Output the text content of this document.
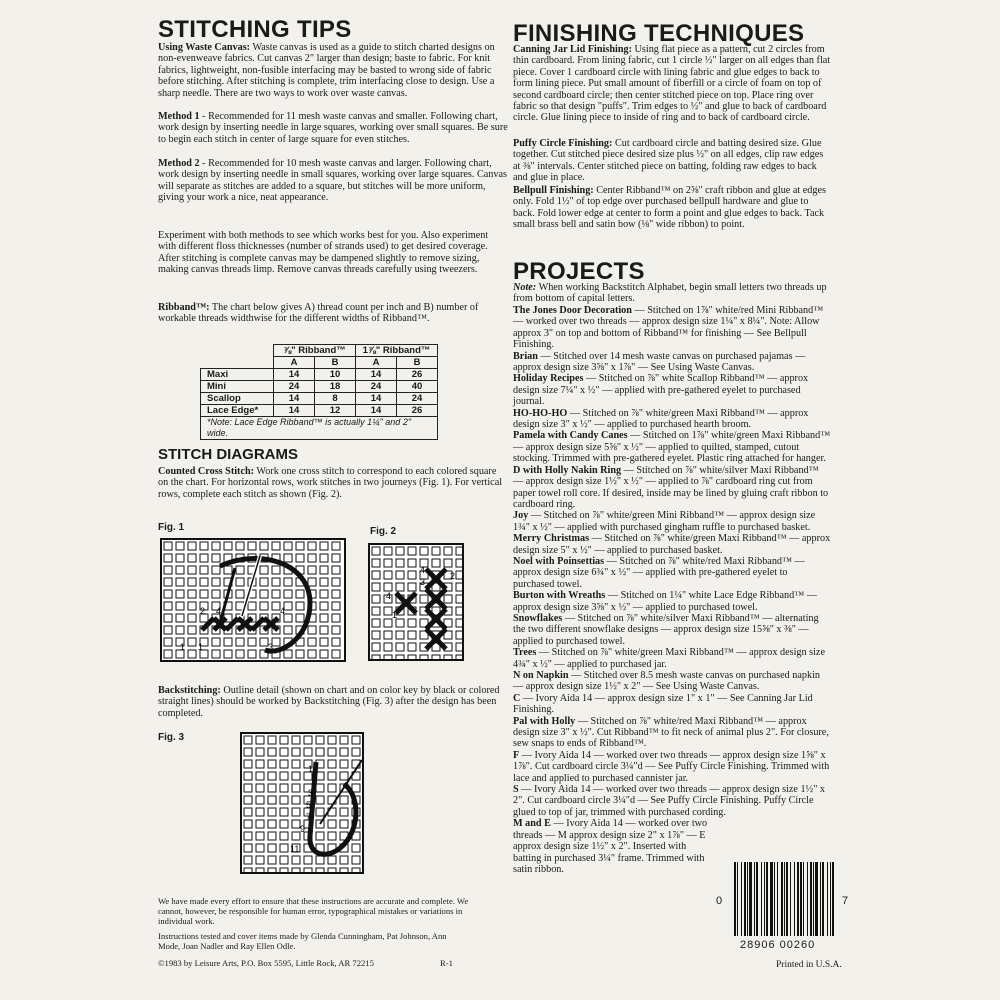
STITCHING TIPS

Using Waste Canvas: Waste canvas is used as a guide to stitch charted designs on non-evenweave fabrics. Cut canvas 2" larger than design; baste to fabric. For knit fabrics, lightweight, non-fusible interfacing may be basted to wrong side of fabric before stitching. After stitching is complete, trim interfacing close to design. Use a sharp needle. There are two ways to work over waste canvas.

Method 1 - Recommended for 11 mesh waste canvas and smaller. Following chart, work design by inserting needle in large squares, working over small squares. Be sure to begin each stitch in center of large square for even stitches.

Method 2 - Recommended for 10 mesh waste canvas and larger. Following chart, work design by inserting needle in small squares, working over large squares. Canvas will separate as stitches are added to a square, but stitches will be more uniform, giving your work a nice, neat appearance.

Experiment with both methods to see which works best for you. Also experiment with different floss thicknesses (number of strands used) to get desired coverage. After stitching is complete canvas may be dampened slightly to remove sizing, making canvas threads limp. Remove canvas threads carefully using tweezers.

Ribband™: The chart below gives A) thread count per inch and B) number of workable threads widthwise for the different widths of Ribband™.

	⅞" Ribband™		1⅞" Ribband™	
	A	B	A	B
Maxi	14	10	14	26
Mini	24	18	24	40
Scallop	14	8	14	24
Lace Edge*	14	12	14	26
*Note: Lace Edge Ribband™ is actually 1¼" and 2" wide.				
STITCH DIAGRAMS

Counted Cross Stitch: Work one cross stitch to correspond to each colored square on the chart. For horizontal rows, work stitches in two journeys (Fig. 1). For vertical rows, complete each stitch as shown (Fig. 2).

Fig. 1	Fig. 2
2 4	4
1 1	3
4
1
4
3
2

Backstitching: Outline detail (shown on chart and on color key by black or colored straight lines) should be worked by Backstitching (Fig. 3) after the design has been completed.

Fig. 3
1
3
5
7
9
11

We have made every effort to ensure that these instructions are accurate and complete. We cannot, however, be responsible for human error, typographical mistakes or variations in individual work.

Instructions tested and cover items made by Glenda Cunningham, Pat Johnson, Ann Mode, Joan Nadler and Ray Ellen Odle.

©1983 by Leisure Arts, P.O. Box 5595, Little Rock, AR 72215	R-1
FINISHING TECHNIQUES

Canning Jar Lid Finishing: Using flat piece as a pattern, cut 2 circles from thin cardboard. From lining fabric, cut 1 circle ½" larger on all edges than flat piece. Cover 1 cardboard circle with lining fabric and glue edges to back to form lining piece. Put small amount of fiberfill or a circle of foam on top of second cardboard circle; then center stitched piece on top. Place ring over fabric so that design "puffs". Trim edges to ½" and glue to back of cardboard circle. Glue lining piece to inside of ring and to back of cardboard circle.

Puffy Circle Finishing: Cut cardboard circle and batting desired size. Glue together. Cut stitched piece desired size plus ½" on all edges, clip raw edges at ⅜" intervals. Center stitched piece on batting, folding raw edges to back and glue in place.

Bellpull Finishing: Center Ribband™ on 2⅝" craft ribbon and glue at edges only. Fold 1½" of top edge over purchased bellpull hardware and glue to back. Fold lower edge at center to form a point and glue edges to back. Tack small brass bell and satin bow (⅛" wide ribbon) to point.

PROJECTS

Note: When working Backstitch Alphabet, begin small letters two threads up from bottom of capital letters.

The Jones Door Decoration — Stitched on 1⅞" white/red Mini Ribband™ — worked over two threads — approx design size 1¼" x 8¼". Note: Allow approx 3" on top and bottom of Ribband™ for finishing — See Bellpull Finishing.

Brian — Stitched over 14 mesh waste canvas on purchased pajamas — approx design size 3⅝" x 1⅞" — See Using Waste Canvas.

Holiday Recipes — Stitched on ⅞" white Scallop Ribband™ — approx design size 7¼" x ½" — applied with pre-gathered eyelet to purchased journal.

HO-HO-HO — Stitched on ⅞" white/green Maxi Ribband™ — approx design size 3" x ½" — applied to purchased hearth broom.

Pamela with Candy Canes — Stitched on 1⅞" white/green Maxi Ribband™ — approx design size 5⅝" x ½" — applied to quilted, stamped, cutout stocking. Trimmed with pre-gathered eyelet. Plastic ring attached for hanger.

D with Holly Nakin Ring — Stitched on ⅞" white/silver Maxi Ribband™ — approx design size 1½" x ½" — applied to ⅞" cardboard ring cut from paper towel roll core. If desired, inside may be lined by gluing craft ribbon to cardboard ring.

Joy — Stitched on ⅞" white/green Mini Ribband™ — approx design size 1¾" x ½" — applied with purchased gingham ruffle to purchased basket.

Merry Christmas — Stitched on ⅞" white/green Maxi Ribband™ — approx design size 5" x ½" — applied to purchased basket.

Noel with Poinsettias — Stitched on ⅞" white/red Maxi Ribband™ — approx design size 6¾" x ½" — applied with pre-gathered eyelet to purchased towel.

Burton with Wreaths — Stitched on 1¼" white Lace Edge Ribband™ — approx design size 3⅝" x ½" — applied to purchased towel.

Snowflakes — Stitched on ⅞" white/silver Maxi Ribband™ — alternating the two different snowflake designs — approx design size 15⅝" x ⅜" — applied to purchased towel.

Trees — Stitched on ⅞" white/green Maxi Ribband™ — approx design size 4¾" x ½" — applied to purchased jar.

N on Napkin — Stitched over 8.5 mesh waste canvas on purchased napkin — approx design size 1½" x 2" — See Using Waste Canvas.

C — Ivory Aida 14 — approx design size 1" x 1" — See Canning Jar Lid Finishing.

Pal with Holly — Stitched on ⅞" white/red Maxi Ribband™ — approx design size 3" x ½". Cut Ribband™ to fit neck of animal plus 2". For closure, sew snaps to ends of Ribband™.

F — Ivory Aida 14 — worked over two threads — approx design size 1⅝" x 1⅞". Cut cardboard circle 3¼"d — See Puffy Circle Finishing. Trimmed with lace and applied to purchased cannister jar.

S — Ivory Aida 14 — worked over two threads — approx design size 1½" x 2". Cut cardboard circle 3¼"d — See Puffy Circle Finishing. Puffy Circle glued to top of jar, trimmed with purchased cording.

M and E — Ivory Aida 14 — worked over two threads — M approx design size 2" x 1⅞" — E approx design size 1½" x 2". Inserted with batting in purchased 3¼" frame. Trimmed with satin ribbon.

0	7
28906 00260
Printed in U.S.A.
